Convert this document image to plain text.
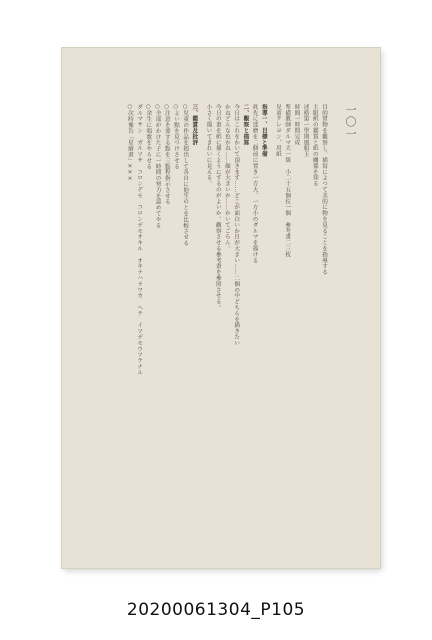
一〇一
目的實物を觀察し、描寫によつて美的に物を見ることを指導する
主眼紙の鑑賞と紙の關係を知る
述格第一學期風船玉
時間一時間完成
準備教師ダルマ大一箇　小二十五個位一個　參考畫二三枚
兒童クレヨン、用紙
指導一、目標と準備
眞先に達磨を二個前に置き一方大、一方小のダルマを描ける
二、觀察と描寫
今日はこれをかいて頂きます……どこが面白いか目が大きい……二個の中どちらを描きたい
かねどんな色かね……顏が大きいか……かいてごらん。
今日の畫を紙に描くようにするのがよいか。觀察させる參考畫を參照させる。
小さく描いてきれいに見える。
三、鑑賞及批評
○兒童の作品を掲出して各自に他生のとを比較させる
○よい點を見つけさせる
○注意を要する點を三點程指示させる
○全部がかけた子に一時間の努力を認めてやる
○余生に唱歌をやらせる
ダルマサン　ガルツサ　コロンデモ　コロンデモオキル　オキナハラワカ　ヘテ　イツデモウツテナル
○次時豫告「星繪畫」×××
20200061304_P105
